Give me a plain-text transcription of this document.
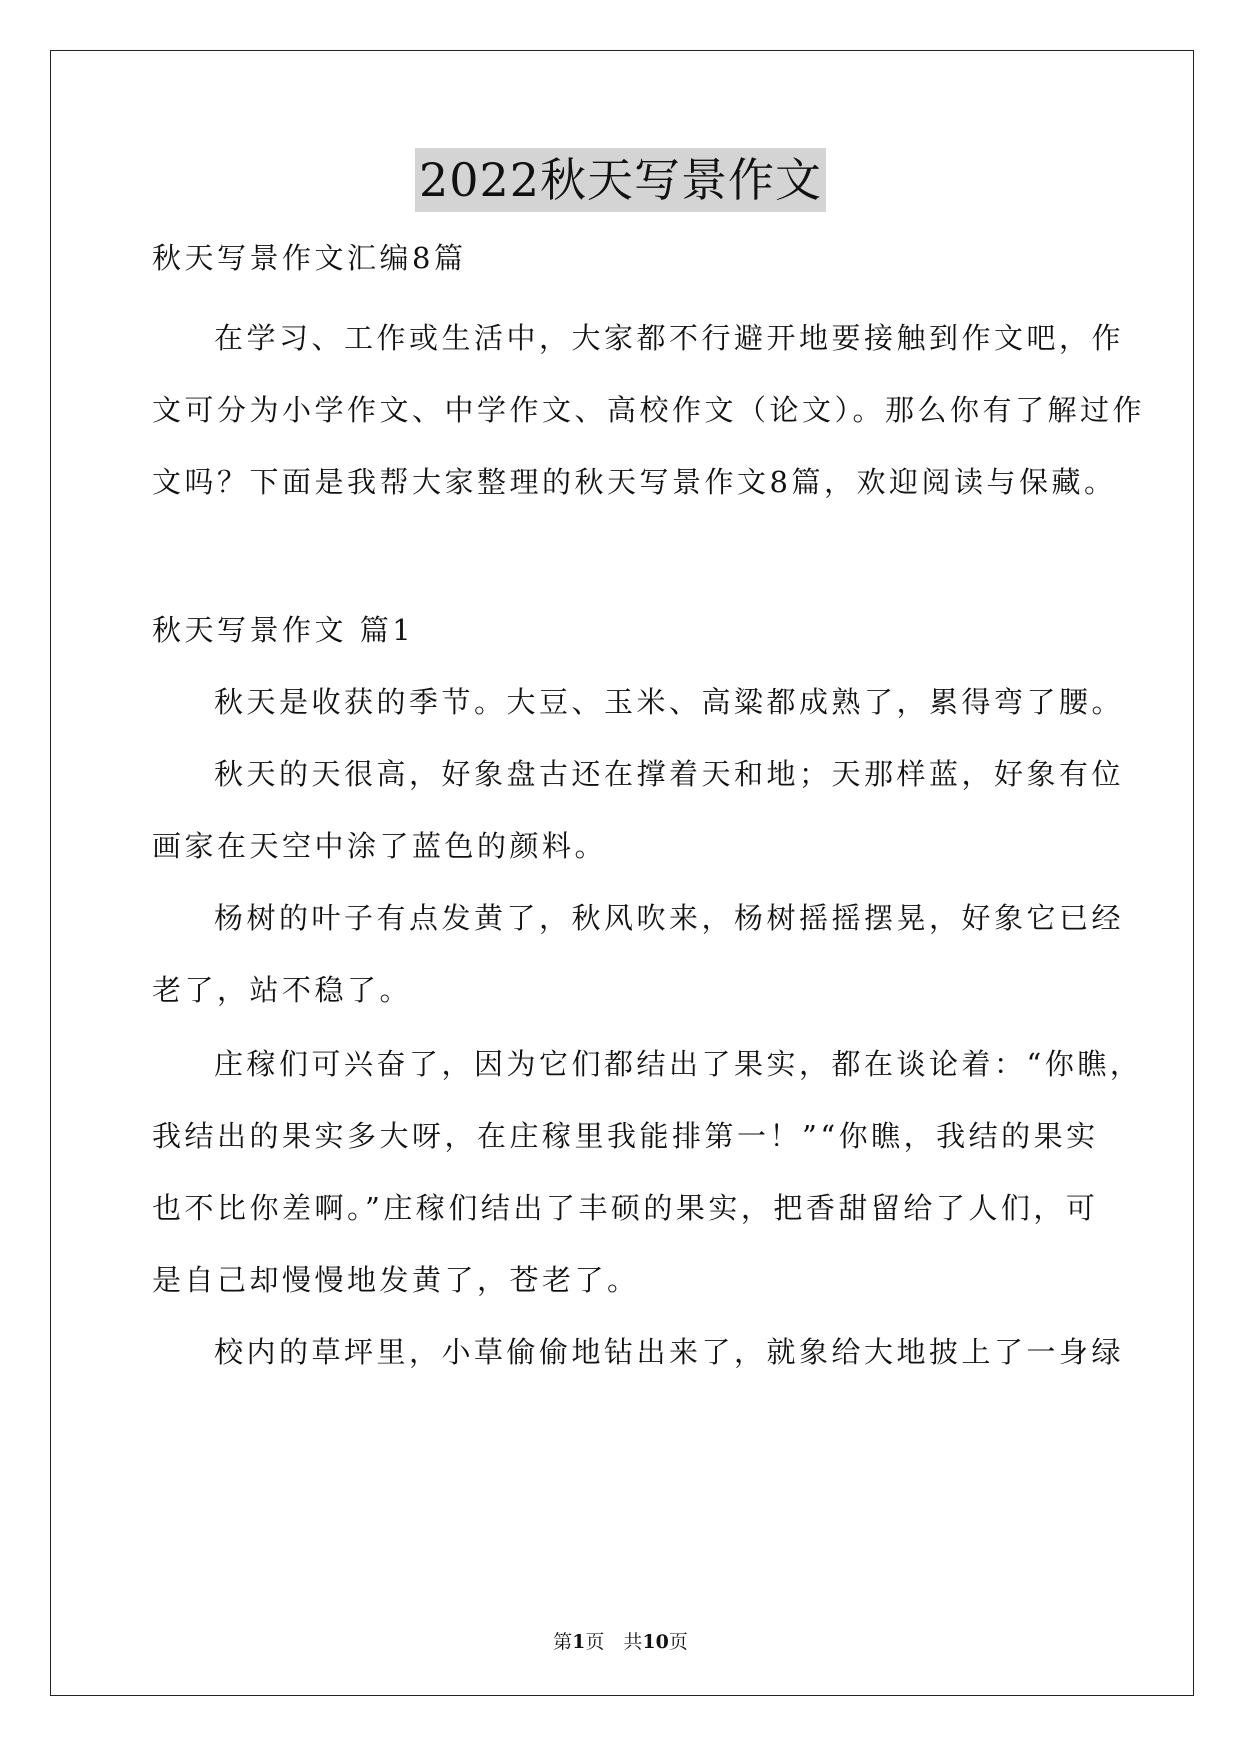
2022秋天写景作文
秋天写景作文汇编8篇
在学习、工作或生活中，大家都不行避开地要接触到作文吧，作
文可分为小学作文、中学作文、高校作文（论文）。那么你有了解过作
文吗？下面是我帮大家整理的秋天写景作文8篇，欢迎阅读与保藏。
秋天写景作文 篇1
秋天是收获的季节。大豆、玉米、高粱都成熟了，累得弯了腰。
秋天的天很高，好象盘古还在撑着天和地；天那样蓝，好象有位
画家在天空中涂了蓝色的颜料。
杨树的叶子有点发黄了，秋风吹来，杨树摇摇摆晃，好象它已经
老了，站不稳了。
庄稼们可兴奋了，因为它们都结出了果实，都在谈论着：“你瞧，
我结出的果实多大呀，在庄稼里我能排第一！”“你瞧，我结的果实
也不比你差啊。”庄稼们结出了丰硕的果实，把香甜留给了人们，可
是自己却慢慢地发黄了，苍老了。
校内的草坪里，小草偷偷地钻出来了，就象给大地披上了一身绿
第1页　共10页
